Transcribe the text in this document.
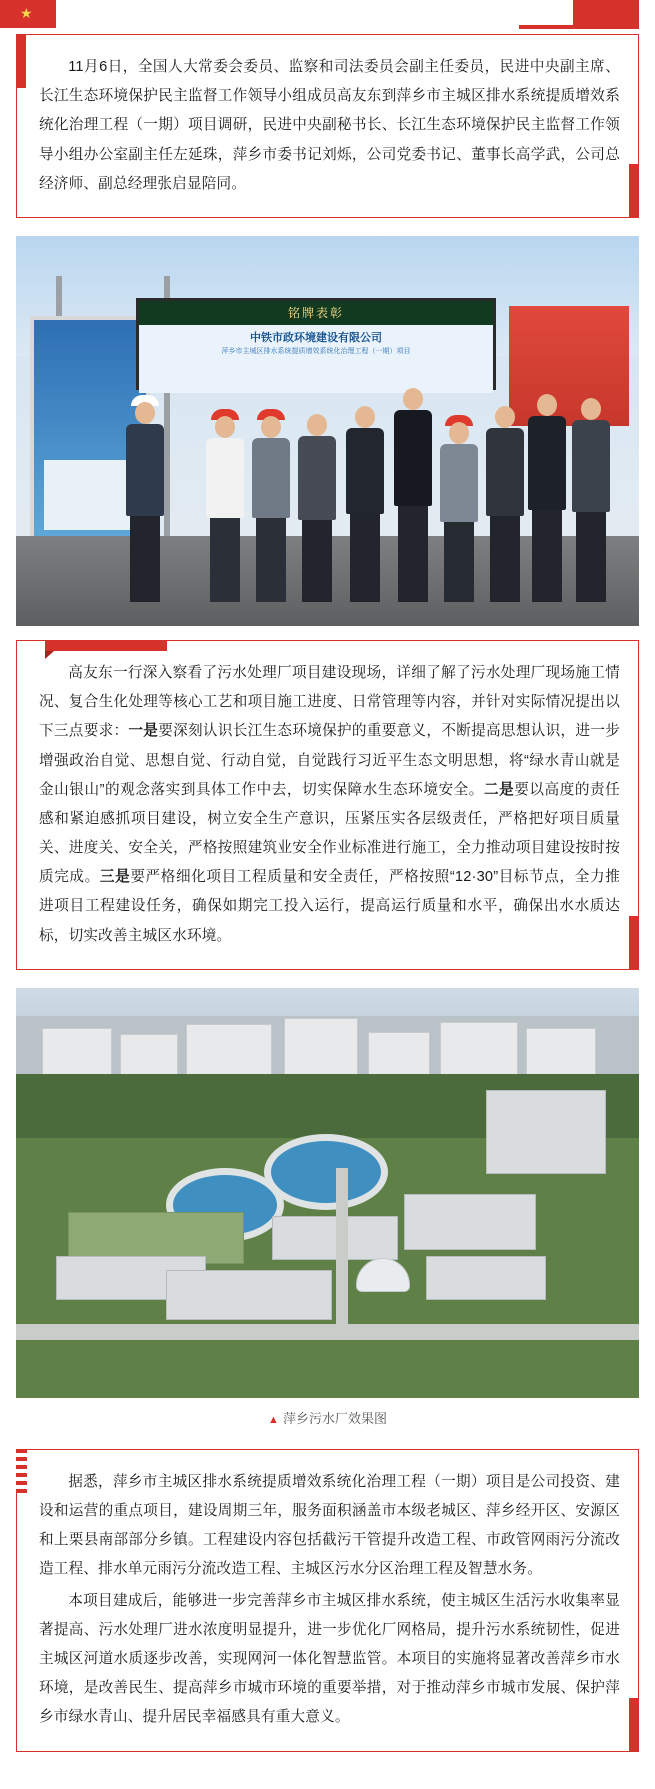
★

11月6日，全国人大常委会委员、监察和司法委员会副主任委员，民进中央副主席、长江生态环境保护民主监督工作领导小组成员高友东到萍乡市主城区排水系统提质增效系统化治理工程（一期）项目调研，民进中央副秘书长、长江生态环境保护民主监督工作领导小组办公室副主任左延珠，萍乡市委书记刘烁，公司党委书记、董事长高学武，公司总经济师、副总经理张启显陪同。

铭牌表彰
中铁市政环境建设有限公司
萍乡市主城区排水系统提质增效系统化治理工程（一期）项目

高友东一行深入察看了污水处理厂项目建设现场，详细了解了污水处理厂现场施工情况、复合生化处理等核心工艺和项目施工进度、日常管理等内容，并针对实际情况提出以下三点要求：一是要深刻认识长江生态环境保护的重要意义，不断提高思想认识，进一步增强政治自觉、思想自觉、行动自觉，自觉践行习近平生态文明思想，将“绿水青山就是金山银山”的观念落实到具体工作中去，切实保障水生态环境安全。二是要以高度的责任感和紧迫感抓项目建设，树立安全生产意识，压紧压实各层级责任，严格把好项目质量关、进度关、安全关，严格按照建筑业安全作业标准进行施工，全力推动项目建设按时按质完成。三是要严格细化项目工程质量和安全责任，严格按照“12·30”目标节点，全力推进项目工程建设任务，确保如期完工投入运行，提高运行质量和水平，确保出水水质达标，切实改善主城区水环境。

▲ 萍乡污水厂效果图

据悉，萍乡市主城区排水系统提质增效系统化治理工程（一期）项目是公司投资、建设和运营的重点项目，建设周期三年，服务面积涵盖市本级老城区、萍乡经开区、安源区和上栗县南部部分乡镇。工程建设内容包括截污干管提升改造工程、市政管网雨污分流改造工程、排水单元雨污分流改造工程、主城区污水分区治理工程及智慧水务。

本项目建成后，能够进一步完善萍乡市主城区排水系统，使主城区生活污水收集率显著提高、污水处理厂进水浓度明显提升，进一步优化厂网格局，提升污水系统韧性，促进主城区河道水质逐步改善，实现网河一体化智慧监管。本项目的实施将显著改善萍乡市水环境，是改善民生、提高萍乡市城市环境的重要举措，对于推动萍乡市城市发展、保护萍乡市绿水青山、提升居民幸福感具有重大意义。
